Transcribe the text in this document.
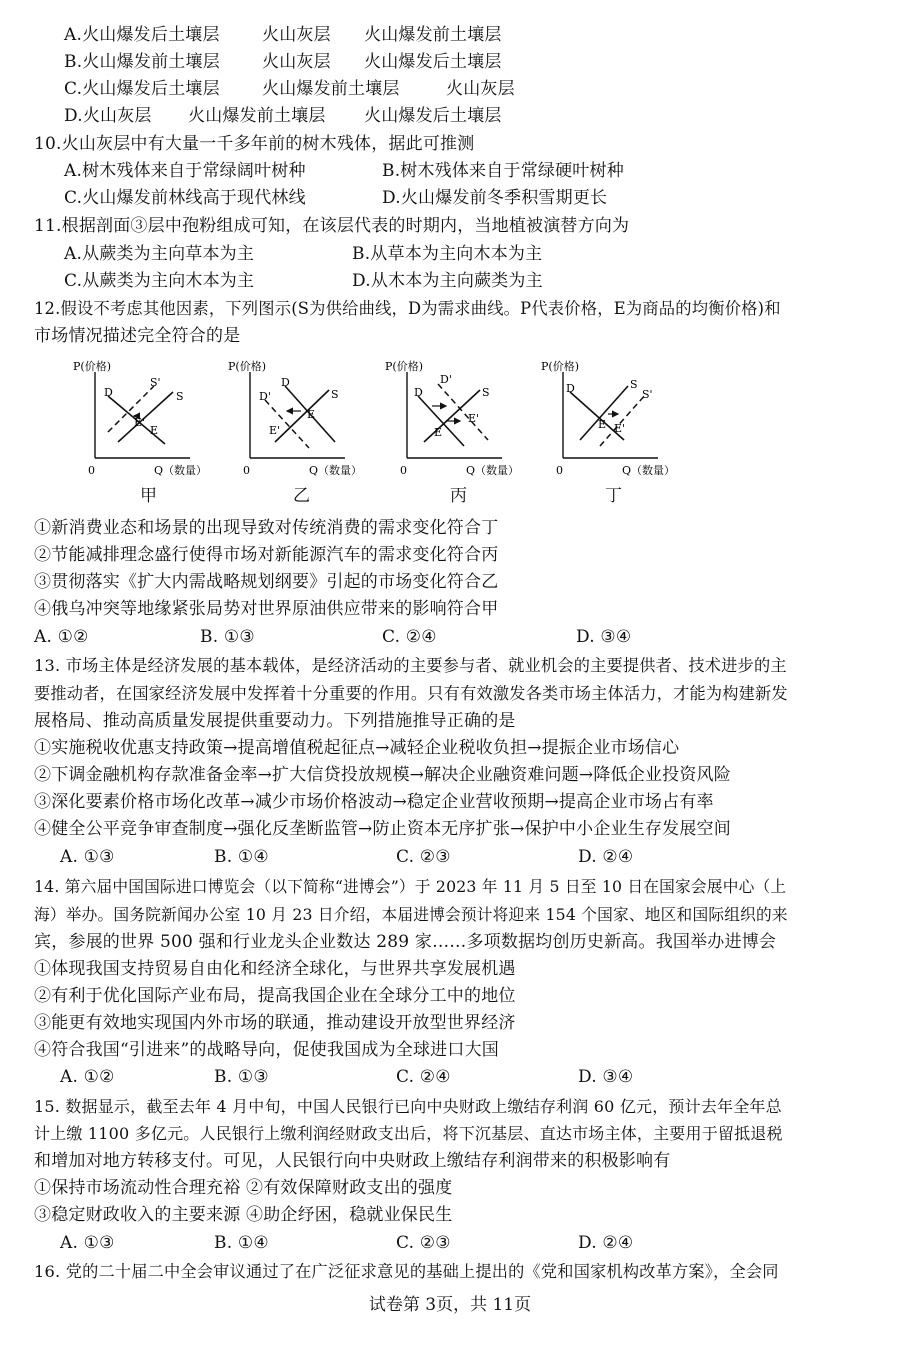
A.火山爆发后土壤层 火山灰层 火山爆发前土壤层
B.火山爆发前土壤层 火山灰层 火山爆发后土壤层
C.火山爆发后土壤层 火山爆发前土壤层	火山灰层
D.火山灰层 火山爆发前土壤层 火山爆发后土壤层
10.火山灰层中有大量一千多年前的树木残体，据此可推测
A.树木残体来自于常绿阔叶树种	B.树木残体来自于常绿硬叶树种
C.火山爆发前林线高于现代林线	D.火山爆发前冬季积雪期更长
11.根据剖面③层中孢粉组成可知，在该层代表的时期内，当地植被演替方向为
A.从蕨类为主向草本为主	B.从草本为主向木本为主
C.从蕨类为主向木本为主	D.从木本为主向蕨类为主
12.假设不考虑其他因素，下列图示(S为供给曲线，D为需求曲线。P代表价格，E为商品的均衡价格)和
市场情况描述完全符合的是
P(价格)
0	Q（数量）
D
S'
S
E'
E
P(价格)
0	Q（数量）
D
D'	S
E
E'
P(价格)
0	Q（数量）
D
D'
S
E'
E
P(价格)
0	Q（数量）
D	S
S'
E E'
甲	乙	丙	丁
①新消费业态和场景的出现导致对传统消费的需求变化符合丁
②节能减排理念盛行使得市场对新能源汽车的需求变化符合丙
③贯彻落实《扩大内需战略规划纲要》引起的市场变化符合乙
④俄乌冲突等地缘紧张局势对世界原油供应带来的影响符合甲
A. ①②	B. ①③	C. ②④	D. ③④
13. 市场主体是经济发展的基本载体，是经济活动的主要参与者、就业机会的主要提供者、技术进步的主
要推动者，在国家经济发展中发挥着十分重要的作用。只有有效激发各类市场主体活力，才能为构建新发
展格局、推动高质量发展提供重要动力。下列措施推导正确的是
①实施税收优惠支持政策→提高增值税起征点→减轻企业税收负担→提振企业市场信心
②下调金融机构存款准备金率→扩大信贷投放规模→解决企业融资难问题→降低企业投资风险
③深化要素价格市场化改革→减少市场价格波动→稳定企业营收预期→提高企业市场占有率
④健全公平竞争审查制度→强化反垄断监管→防止资本无序扩张→保护中小企业生存发展空间
A. ①③	B. ①④	C. ②③	D. ②④
14. 第六届中国国际进口博览会（以下简称“进博会”）于 2023 年 11 月 5 日至 10 日在国家会展中心（上
海）举办。国务院新闻办公室 10 月 23 日介绍，本届进博会预计将迎来 154 个国家、地区和国际组织的来
宾，参展的世界 500 强和行业龙头企业数达 289 家……多项数据均创历史新高。我国举办进博会
①体现我国支持贸易自由化和经济全球化，与世界共享发展机遇
②有利于优化国际产业布局，提高我国企业在全球分工中的地位
③能更有效地实现国内外市场的联通，推动建设开放型世界经济
④符合我国“引进来”的战略导向，促使我国成为全球进口大国
A. ①②	B. ①③	C. ②④	D. ③④
15. 数据显示，截至去年 4 月中旬，中国人民银行已向中央财政上缴结存利润 60 亿元，预计去年全年总
计上缴 1100 多亿元。人民银行上缴利润经财政支出后，将下沉基层、直达市场主体，主要用于留抵退税
和增加对地方转移支付。可见，人民银行向中央财政上缴结存利润带来的积极影响有
①保持市场流动性合理充裕 ②有效保障财政支出的强度
③稳定财政收入的主要来源 ④助企纾困，稳就业保民生
A. ①③	B. ①④	C. ②③	D. ②④
16. 党的二十届二中全会审议通过了在广泛征求意见的基础上提出的《党和国家机构改革方案》，全会同
试卷第 3页，共 11页
